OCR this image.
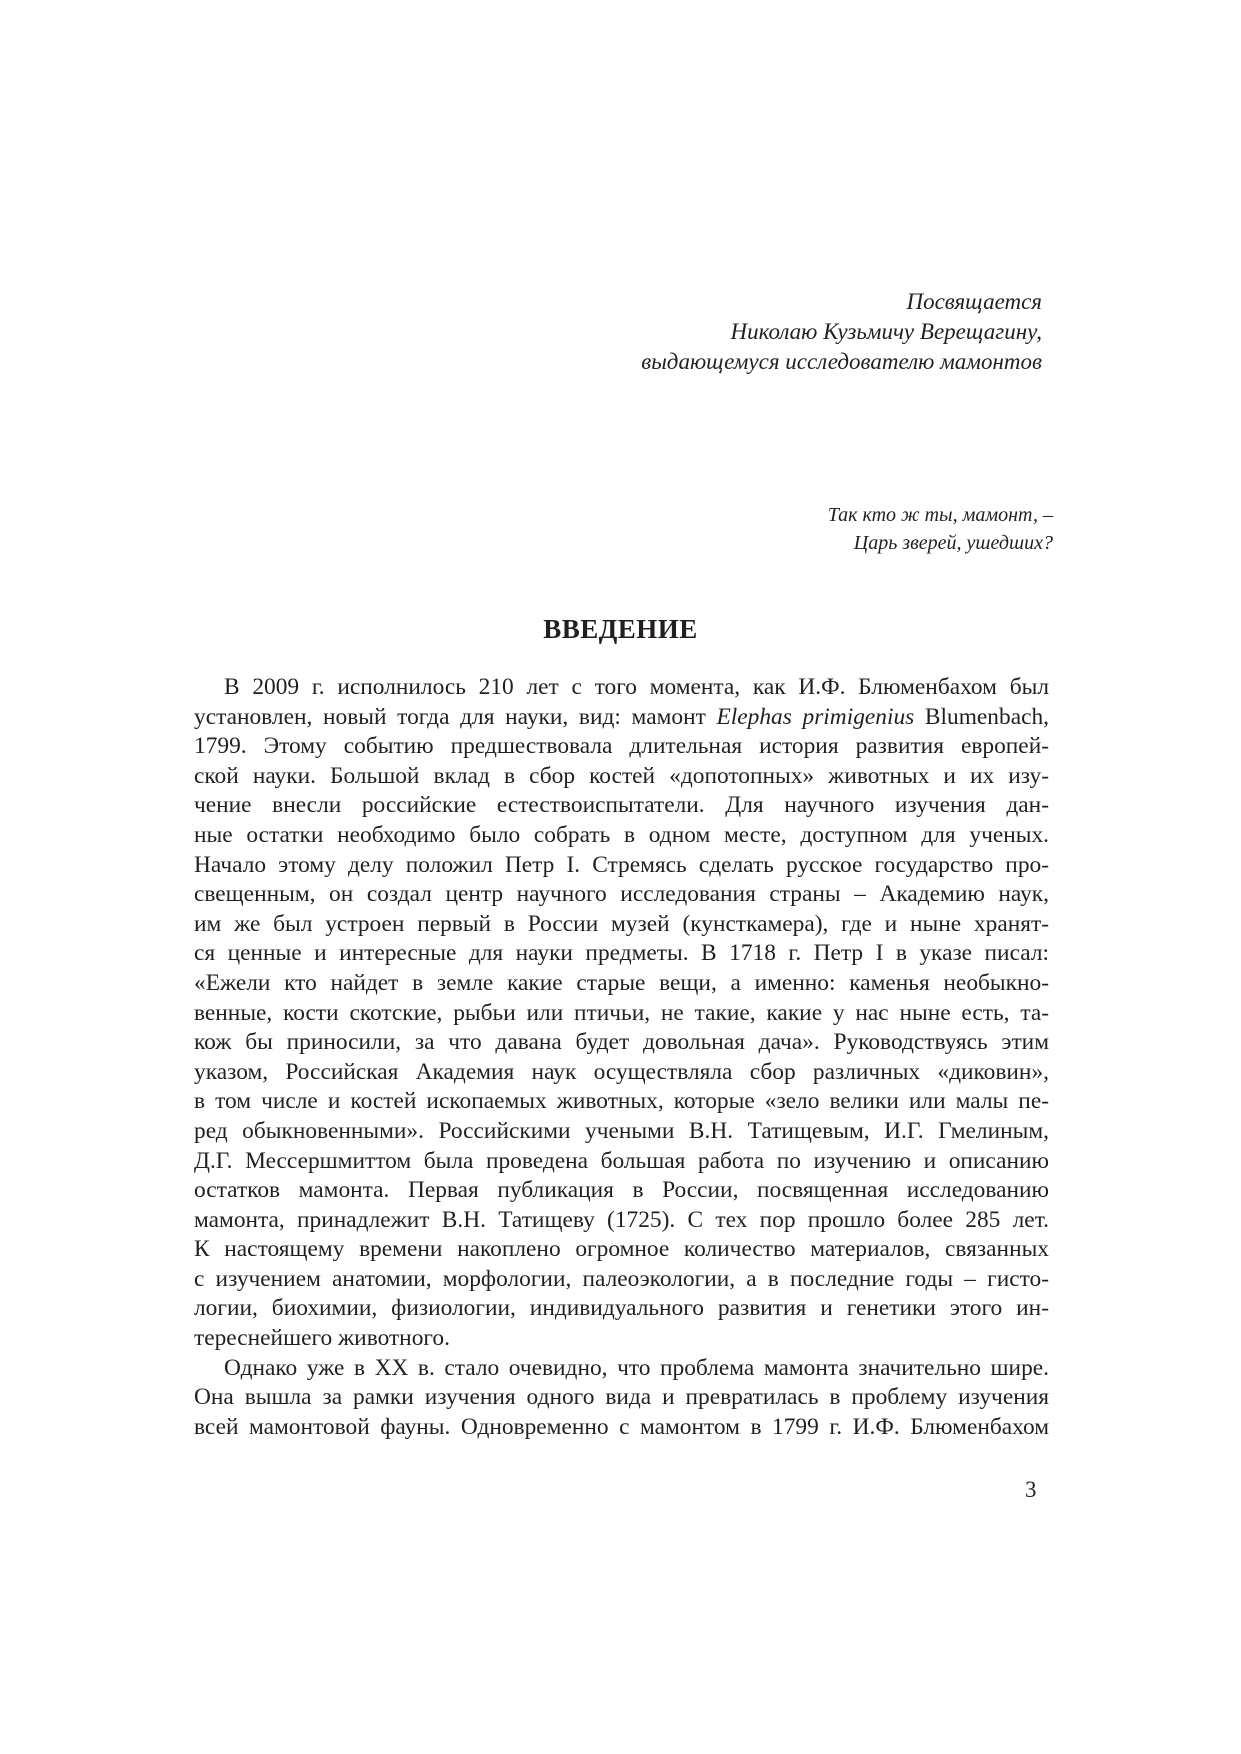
Посвящается
Николаю Кузьмичу Верещагину,
выдающемуся исследователю мамонтов
Так кто ж ты, мамонт, –
Царь зверей, ушедших?
ВВЕДЕНИЕ
В 2009 г. исполнилось 210 лет с того момента, как И.Ф. Блюменбахом был
установлен, новый тогда для науки, вид: мамонт Elephas primigenius Blumenbach,
1799. Этому событию предшествовала длительная история развития европей-
ской науки. Большой вклад в сбор костей «допотопных» животных и их изу-
чение внесли российские естествоиспытатели. Для научного изучения дан-
ные остатки необходимо было собрать в одном месте, доступном для ученых.
Начало этому делу положил Петр I. Стремясь сделать русское государство про-
свещенным, он создал центр научного исследования страны – Академию наук,
им же был устроен первый в России музей (кунсткамера), где и ныне хранят-
ся ценные и интересные для науки предметы. В 1718 г. Петр I в указе писал:
«Ежели кто найдет в земле какие старые вещи, а именно: каменья необыкно-
венные, кости скотские, рыбьи или птичьи, не такие, какие у нас ныне есть, та-
кож бы приносили, за что давана будет довольная дача». Руководствуясь этим
указом, Российская Академия наук осуществляла сбор различных «диковин»,
в том числе и костей ископаемых животных, которые «зело велики или малы пе-
ред обыкновенными». Российскими учеными В.Н. Татищевым, И.Г. Гмелиным,
Д.Г. Мессершмиттом была проведена большая работа по изучению и описанию
остатков мамонта. Первая публикация в России, посвященная исследованию
мамонта, принадлежит В.Н. Татищеву (1725). С тех пор прошло более 285 лет.
К настоящему времени накоплено огромное количество материалов, связанных
с изучением анатомии, морфологии, палеоэкологии, а в последние годы – гисто-
логии, биохимии, физиологии, индивидуального развития и генетики этого ин-
тереснейшего животного.
Однако уже в XX в. стало очевидно, что проблема мамонта значительно шире.
Она вышла за рамки изучения одного вида и превратилась в проблему изучения
всей мамонтовой фауны. Одновременно с мамонтом в 1799 г. И.Ф. Блюменбахом
3
